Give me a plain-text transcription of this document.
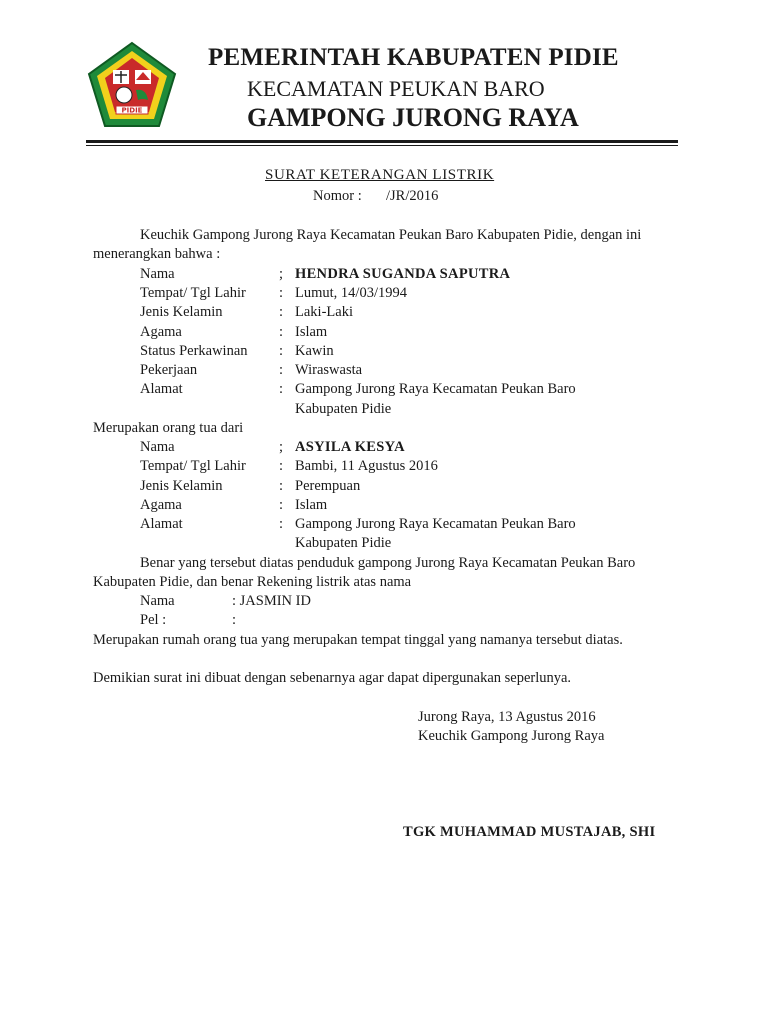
PIDIE
PEMERINTAH KABUPATEN PIDIE
KECAMATAN PEUKAN BARO
GAMPONG JURONG RAYA
SURAT KETERANGAN LISTRIK
Nomor : /JR/2016
Keuchik Gampong Jurong Raya Kecamatan Peukan Baro Kabupaten Pidie, dengan ini
menerangkan bahwa :
Nama	; HENDRA SUGANDA SAPUTRA
Tempat/ Tgl Lahir : Lumut, 14/03/1994
Jenis Kelamin	: Laki-Laki
Agama	: Islam
Status Perkawinan : Kawin
Pekerjaan	: Wiraswasta
Alamat	: Gampong Jurong Raya Kecamatan Peukan Baro
Kabupaten Pidie
Merupakan orang tua dari
Nama	; ASYILA KESYA
Tempat/ Tgl Lahir : Bambi, 11 Agustus 2016
Jenis Kelamin	: Perempuan
Agama	: Islam
Alamat	: Gampong Jurong Raya Kecamatan Peukan Baro
Kabupaten Pidie
Benar yang tersebut diatas penduduk gampong Jurong Raya Kecamatan Peukan Baro
Kabupaten Pidie, dan benar Rekening listrik atas nama
Nama	: JASMIN ID
Pel :	:
Merupakan rumah orang tua yang merupakan tempat tinggal yang namanya tersebut diatas.
Demikian surat ini dibuat dengan sebenarnya agar dapat dipergunakan seperlunya.
Jurong Raya, 13 Agustus 2016
Keuchik Gampong Jurong Raya
TGK MUHAMMAD MUSTAJAB, SHI
